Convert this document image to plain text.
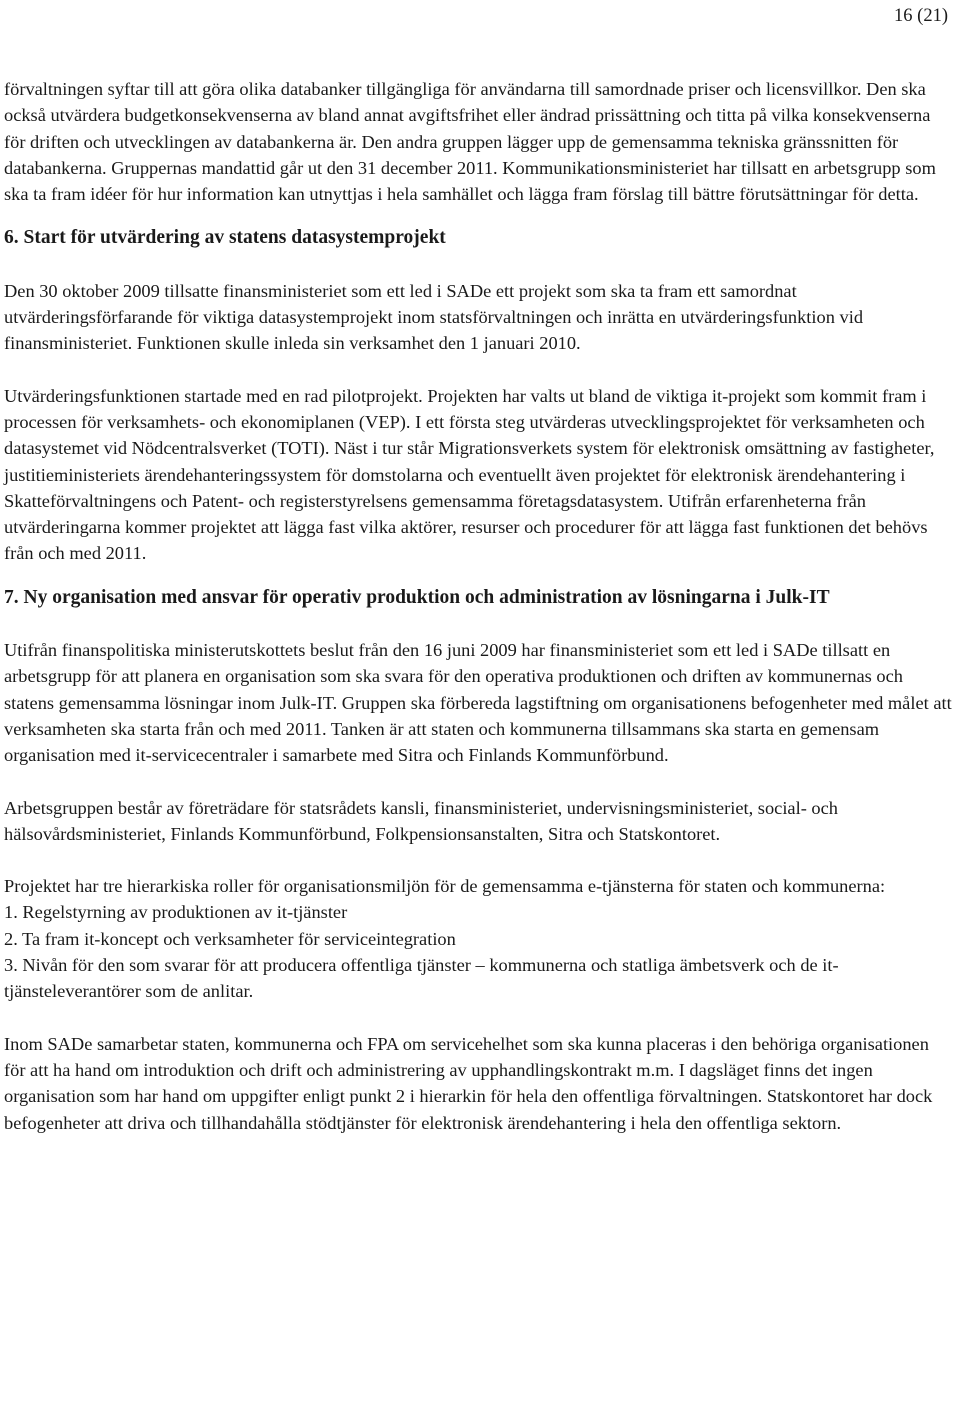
16 (21)

förvaltningen syftar till att göra olika databanker tillgängliga för användarna till samordnade priser och licensvillkor. Den ska också utvärdera budgetkonsekvenserna av bland annat avgiftsfrihet eller ändrad prissättning och titta på vilka konsekvenserna för driften och utvecklingen av databankerna är. Den andra gruppen lägger upp de gemensamma tekniska gränssnitten för databankerna. Gruppernas mandattid går ut den 31 december 2011. Kommunikationsministeriet har tillsatt en arbetsgrupp som ska ta fram idéer för hur information kan utnyttjas i hela samhället och lägga fram förslag till bättre förutsättningar för detta.

6. Start för utvärdering av statens datasystemprojekt

Den 30 oktober 2009 tillsatte finansministeriet som ett led i SADe ett projekt som ska ta fram ett samordnat utvärderingsförfarande för viktiga datasystemprojekt inom statsförvaltningen och inrätta en utvärderingsfunktion vid finansministeriet. Funktionen skulle inleda sin verksamhet den 1 januari 2010.

Utvärderingsfunktionen startade med en rad pilotprojekt. Projekten har valts ut bland de viktiga it-projekt som kommit fram i processen för verksamhets- och ekonomiplanen (VEP). I ett första steg utvärderas utvecklingsprojektet för verksamheten och datasystemet vid Nödcentralsverket (TOTI). Näst i tur står Migrationsverkets system för elektronisk omsättning av fastigheter, justitieministeriets ärendehanteringssystem för domstolarna och eventuellt även projektet för elektronisk ärendehantering i Skatteförvaltningens och Patent- och registerstyrelsens gemensamma företagsdatasystem. Utifrån erfarenheterna från utvärderingarna kommer projektet att lägga fast vilka aktörer, resurser och procedurer för att lägga fast funktionen det behövs från och med 2011.

7. Ny organisation med ansvar för operativ produktion och administration av lösningarna i Julk-IT

Utifrån finanspolitiska ministerutskottets beslut från den 16 juni 2009 har finansministeriet som ett led i SADe tillsatt en arbetsgrupp för att planera en organisation som ska svara för den operativa produktionen och driften av kommunernas och statens gemensamma lösningar inom Julk-IT. Gruppen ska förbereda lagstiftning om organisationens befogenheter med målet att verksamheten ska starta från och med 2011. Tanken är att staten och kommunerna tillsammans ska starta en gemensam organisation med it-servicecentraler i samarbete med Sitra och Finlands Kommunförbund.

Arbetsgruppen består av företrädare för statsrådets kansli, finansministeriet, undervisningsministeriet, social- och hälsovårdsministeriet, Finlands Kommunförbund, Folkpensionsanstalten, Sitra och Statskontoret.

Projektet har tre hierarkiska roller för organisationsmiljön för de gemensamma e-tjänsterna för staten och kommunerna:

1. Regelstyrning av produktionen av it-tjänster

2. Ta fram it-koncept och verksamheter för serviceintegration

3. Nivån för den som svarar för att producera offentliga tjänster – kommunerna och statliga ämbetsverk och de it-tjänsteleverantörer som de anlitar.

Inom SADe samarbetar staten, kommunerna och FPA om servicehelhet som ska kunna placeras i den behöriga organisationen för att ha hand om introduktion och drift och administrering av upphandlingskontrakt m.m. I dagsläget finns det ingen organisation som har hand om uppgifter enligt punkt 2 i hierarkin för hela den offentliga förvaltningen. Statskontoret har dock befogenheter att driva och tillhandahålla stödtjänster för elektronisk ärendehantering i hela den offentliga sektorn.
